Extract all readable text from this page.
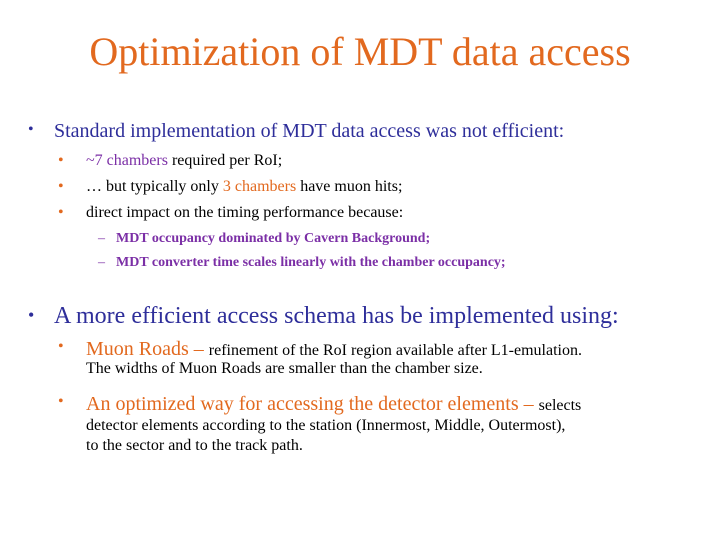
Optimization of MDT data access
• Standard implementation of MDT data access was not efficient:
• ~7 chambers required per RoI;
• … but typically only 3 chambers have muon hits;
• direct impact on the timing performance because:
– MDT occupancy dominated by Cavern Background;
– MDT converter time scales linearly with the chamber occupancy;
• A more efficient access schema has be implemented using:
• Muon Roads – refinement of the RoI region available after L1-emulation.
The widths of Muon Roads are smaller than the chamber size.
• An optimized way for accessing the detector elements – selects
detector elements according to the station (Innermost, Middle, Outermost),
to the sector and to the track path.
